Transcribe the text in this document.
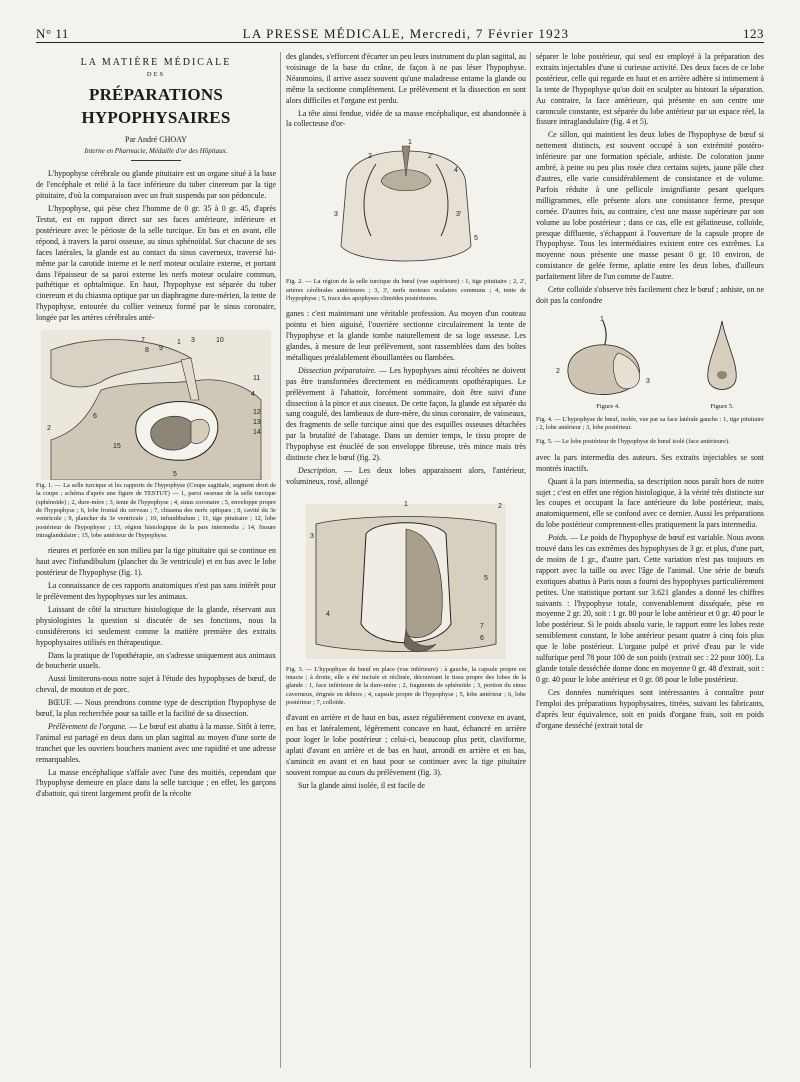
N° 11	LA PRESSE MÉDICALE, Mercredi, 7 Février 1923	123
LA MATIÈRE MÉDICALE
DES
PRÉPARATIONS HYPOPHYSAIRES
Par André CHOAY
Interne en Pharmacie, Médaille d'or des Hôpitaux.

L'hypophyse cérébrale ou glande pituitaire est un organe situé à la base de l'encéphale et relié à la face inférieure du tuber cinereum par la tige pituitaire, d'où la comparaison avec un fruit suspendu par son pédoncule.

L'hypophyse, qui pèse chez l'homme de 0 gr. 35 à 0 gr. 45, d'après Testut, est en rapport direct sur ses faces antérieure, inférieure et postérieure avec le périoste de la selle turcique. En bas et en avant, elle répond, à travers la paroi osseuse, au sinus sphénoïdal. Sur chacune de ses faces latérales, la glande est au contact du sinus caverneux, traversé lui-même par la carotide interne et le nerf moteur oculaire externe, et portant dans l'épaisseur de sa paroi externe les nerfs moteur oculaire commun, pathétique et ophtalmique. En haut, l'hypophyse est séparée du tuber cinereum et du chiasma optique par un diaphragme dure-mérien, la tente de l'hypophyse, entourée du collier veineux formé par le sinus coronaire, longée par les artères cérébrales anté-

1
2
3
4
5
6
7
8 9
10
11
12
13
14
15
Fig. 1. — La selle turcique et les rapports de l'hypophyse (Coupe sagittale, segment droit de la coupe ; schéma d'après une figure de TESTUT) — 1, paroi osseuse de la selle turcique (sphénoïde) ; 2, dure-mère ; 3, tente de l'hypophyse ; 4, sinus coronaire ; 5, enveloppe propre de l'hypophyse ; 6, lobe frontal du cerveau ; 7, chiasma des nerfs optiques ; 8, cavité du 3e ventricule ; 9, plancher du 3e ventricule ; 10, infundibulum ; 11, tige pituitaire ; 12, lobe postérieur de l'hypophyse ; 13, région histologique de la pars intermedia ; 14, fissure intraglandulaire ; 15, lobe antérieur de l'hypophyse.

rieures et perforée en son milieu par la tige pituitaire qui se continue en haut avec l'infundibulum (plancher du 3e ventricule) et en bas avec le lobe postérieur de l'hypophyse (fig. 1).

La connaissance de ces rapports anatomiques n'est pas sans intérêt pour le prélèvement des hypophyses sur les animaux.

Laissant de côté la structure histologique de la glande, réservant aux physiologistes la question si discutée de ses fonctions, nous la considérerons ici seulement comme la matière première des extraits hypophysaires utilisés en thérapeutique.

Dans la pratique de l'opothérapie, on s'adresse uniquement aux animaux de boucherie usuels.

Aussi limiterons-nous notre sujet à l'étude des hypophyses de bœuf, de cheval, de mouton et de porc.

BŒUF. — Nous prendrons comme type de description l'hypophyse de bœuf, la plus recherchée pour sa taille et la facilité de sa dissection.

Prélèvement de l'organe. — Le bœuf est abattu à la masse. Sitôt à terre, l'animal est partagé en deux dans un plan sagittal au moyen d'une sorte de tranchet que les ouvriers bouchers manient avec une rapidité et une adresse remarquables.

La masse encéphalique s'affale avec l'une des moitiés, cependant que l'hypophyse demeure en place dans la selle turcique ; en effet, les garçons d'abattoir, qui tirent largement profit de la récolte

des glandes, s'efforcent d'écarter un peu leurs instrument du plan sagittal, au voisinage de la base du crâne, de façon à ne pas léser l'hypophyse. Néanmoins, il arrive assez souvent qu'une maladresse entame la glande ou même la sectionne complètement. Le prélèvement et la dissection en sont alors difficiles et l'organe est perdu.

La tête ainsi fendue, vidée de sa masse encéphalique, est abandonnée à la collecteuse d'or-

1
2	2'
3	3'
4
5
Fig. 2. — La région de la selle turcique du bœuf (vue supérieure) : 1, tige pituitaire ; 2, 2', artères cérébrales antérieures ; 3, 3', nerfs moteurs oculaires communs ; 4, tente de l'hypophyse ; 5, trace des apophyses clinoïdes postérieures.

ganes : c'est maintenant une véritable profession. Au moyen d'un couteau pointu et bien aiguisé, l'ouvrière sectionne circulairement la tente de l'hypophyse et la glande tombe naturellement de sa loge osseuse. Les glandes, à mesure de leur prélèvement, sont rassemblées dans des boîtes métalliques préalablement ébouillantées ou flambées.

Dissection préparatoire. — Les hypophyses ainsi récoltées ne doivent pas être transformées directement en médicaments opothérapiques. Le prélèvement à l'abattoir, forcément sommaire, doit être suivi d'une dissection à la pince et aux ciseaux. De cette façon, la glande est séparée du sang coagulé, des lambeaux de dure-mère, du sinus coronaire, de vaisseaux, des fragments de selle turcique ainsi que des esquilles osseuses détachées par la brutalité de l'abatage. Dans un dernier temps, le tissu propre de l'hypophyse est énucléé de son enveloppe fibreuse, très mince mais très distincte chez le bœuf (fig. 2).

Description. — Les deux lobes apparaissent alors, l'antérieur, volumineux, rosé, allongé

1	2
3
4
5
6
7
Fig. 3. — L'hypophyse de bœuf en place (vue inférieure) : à gauche, la capsule propre est intacte ; à droite, elle a été incisée et réclinée, découvrant le tissu propre des lobes de la glande : 1, face inférieure de la dure-mère ; 2, fragments de sphénoïde ; 3, portion du sinus caverneux, érignée en dehors ; 4, capsule propre de l'hypophyse ; 5, lobe antérieur ; 6, lobe postérieur ; 7, colloïde.

d'avant en arrière et de haut en bas, assez régulièrement convexe en avant, en bas et latéralement, légèrement concave en haut, échancré en arrière pour loger le lobe postérieur ; celui-ci, beaucoup plus petit, claviforme, aplati d'avant en arrière et de bas en haut, arrondi en arrière et en bas, s'amincit en avant et en haut pour se continuer avec la tige pituitaire souvent rompue au cours du prélèvement (fig. 3).

Sur la glande ainsi isolée, il est facile de

séparer le lobe postérieur, qui seul est employé à la préparation des extraits injectables d'une si curieuse activité. Des deux faces de ce lobe postérieur, celle qui regarde en haut et en arrière adhère si intimement à la tente de l'hypophyse qu'on doit en sculpter au bistouri la séparation. Au contraire, la face antérieure, qui présente en son centre une caroncule constante, est séparée du lobe antérieur par un espace réel, la fissure intraglandulaire (fig. 4 et 5).

Ce sillon, qui maintient les deux lobes de l'hypophyse de bœuf si nettement distincts, est souvent occupé à son extrémité postéro-inférieure par une formation spéciale, anhiste. De coloration jaune ambré, à peine ou peu plus rosée chez certains sujets, jaune pâle chez d'autres, elle varie considérablement de consistance et de volume. Parfois réduite à une pellicule insignifiante pesant quelques milligrammes, elle présente alors une consistance ferme, presque cornée. D'autres fois, au contraire, c'est une masse supérieure par son volume au lobe postérieur ; dans ce cas, elle est gélatineuse, colloïde, presque diffluente, s'échappant à l'ouverture de la capsule propre de l'hypophyse. Tous les intermédiaires existent entre ces extrêmes. La moyenne nous présente une masse pesant 0 gr. 10 environ, de consistance de gelée ferme, aplatie entre les deux lobes, d'ailleurs parfaitement libre de l'un comme de l'autre.

Cette colloïde s'observe très facilement chez le bœuf ; anhiste, on ne doit pas la confondre

1
2
3
Figure 4.	Figure 5.
Fig. 4. — L'hypophyse de bœuf, isolée, vue par sa face latérale gauche : 1, tige pituitaire ; 2, lobe antérieur ; 3, lobe postérieur.
Fig. 5. — Le lobe postérieur de l'hypophyse de bœuf isolé (face antérieure).

avec la pars intermedia des auteurs. Ses extraits injectables se sont montrés inactifs.

Quant à la pars intermedia, sa description nous paraît hors de notre sujet ; c'est en effet une région histologique, à la vérité très distincte sur les coupes et occupant la face antérieure du lobe postérieur, mais, anatomiquement, elle se confond avec ce dernier. Aussi les préparations du lobe postérieur comprennent-elles pratiquement la pars intermedia.

Poids. — Le poids de l'hypophyse de bœuf est variable. Nous avons trouvé dans les cas extrêmes des hypophyses de 3 gr. et plus, d'une part, de moins de 1 gr., d'autre part. Cette variation n'est pas toujours en rapport avec la taille ou avec l'âge de l'animal. Une série de bœufs exotiques abattus à Paris nous a fourni des hypophyses particulièrement petites. Une statistique portant sur 3.621 glandes a donné les chiffres suivants : l'hypophyse totale, convenablement disséquée, pèse en moyenne 2 gr. 20, soit : 1 gr. 80 pour le lobe antérieur et 0 gr. 40 pour le lobe postérieur. Si le poids absolu varie, le rapport entre les lobes reste sensiblement constant, le lobe antérieur pesant quatre à cinq fois plus que le lobe postérieur. L'organe pulpé et privé d'eau par le vide sulfurique perd 78 pour 100 de son poids (extrait sec : 22 pour 100). La glande totale desséchée donne donc en moyenne 0 gr. 48 d'extrait, soit : 0 gr. 40 pour le lobe antérieur et 0 gr. 08 pour le lobe postérieur.

Ces données numériques sont intéressantes à connaître pour l'emploi des préparations hypophysaires, titrées, suivant les fabricants, d'après leur équivalence, soit en poids d'organe frais, soit en poids d'organe desséché (extrait total de
